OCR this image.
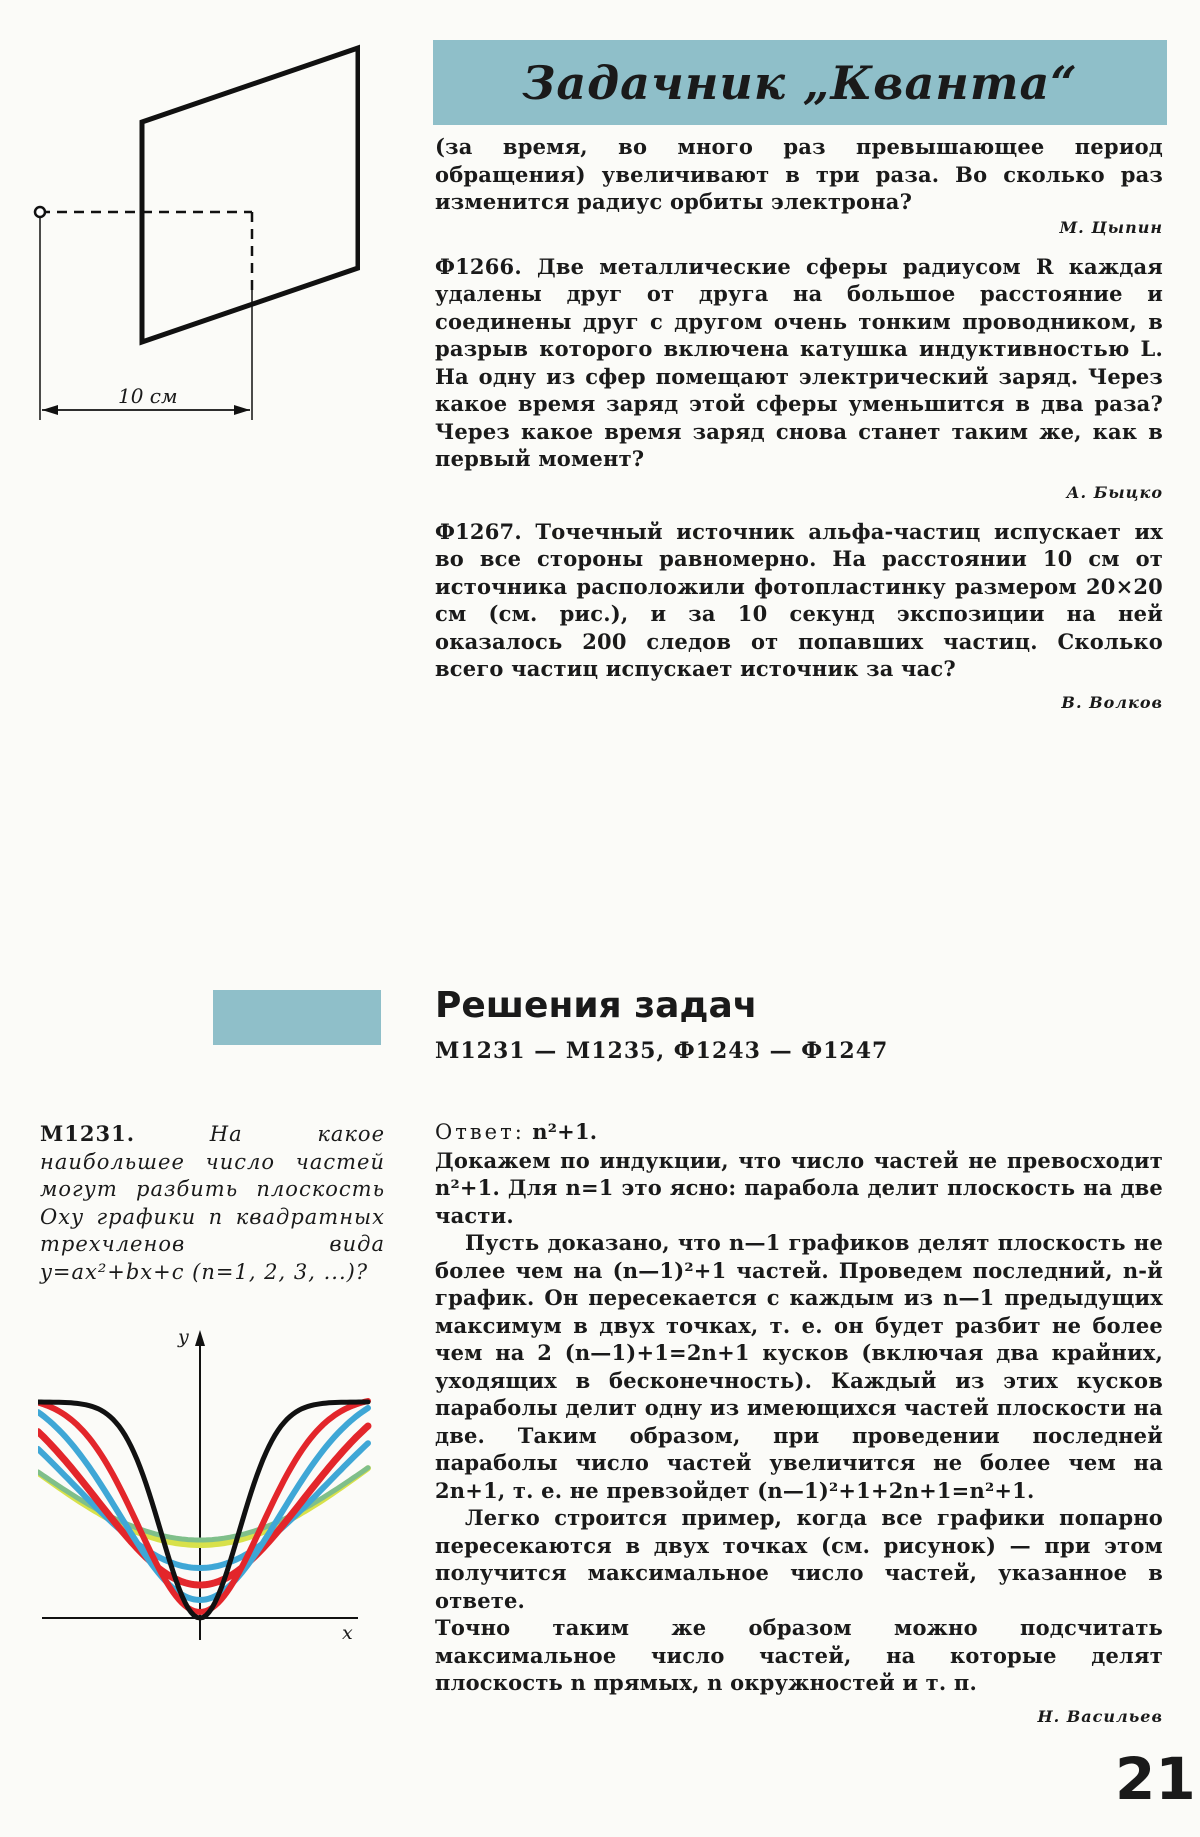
10 см
Задачник „Кванта“

(за время, во много раз превышающее период обращения) увеличивают в три раза. Во сколько раз изменится радиус орбиты электрона?

М. Цыпин

Ф1266. Две металлические сферы радиусом R каждая удалены друг от друга на большое расстояние и соединены друг с другом очень тонким проводником, в разрыв которого включена катушка индуктивностью L. На одну из сфер помещают электрический заряд. Через какое время заряд этой сферы уменьшится в два раза? Через какое время заряд снова станет таким же, как в первый момент?

А. Быцко

Ф1267. Точечный источник альфа-частиц испускает их во все стороны равномерно. На расстоянии 10 см от источника расположили фотопластинку размером 20×20 см (см. рис.), и за 10 секунд экспозиции на ней оказалось 200 следов от попавших частиц. Сколько всего частиц испускает источник за час?

В. Волков
Решения задач
М1231 — М1235, Ф1243 — Ф1247

М1231. На какое наибольшее число частей могут разбить плоскость Oxy графики n квадратных трехчленов вида y=ax²+bx+c (n=1, 2, 3, ...)?

y
x

Ответ: n²+1.

Докажем по индукции, что число частей не превосходит n²+1. Для n=1 это ясно: парабола делит плоскость на две части.

Пусть доказано, что n—1 графиков делят плоскость не более чем на (n—1)²+1 частей. Проведем последний, n-й график. Он пересекается с каждым из n—1 предыдущих максимум в двух точках, т. е. он будет разбит не более чем на 2 (n—1)+1=2n+1 кусков (включая два крайних, уходящих в бесконечность). Каждый из этих кусков параболы делит одну из имеющихся частей плоскости на две. Таким образом, при проведении последней параболы число частей увеличится не более чем на 2n+1, т. е. не превзойдет (n—1)²+1+2n+1=n²+1.

Легко строится пример, когда все графики попарно пересекаются в двух точках (см. рисунок) — при этом получится максимальное число частей, указанное в ответе.

Точно таким же образом можно подсчитать максимальное число частей, на которые делят плоскость n прямых, n окружностей и т. п.

Н. Васильев
21
